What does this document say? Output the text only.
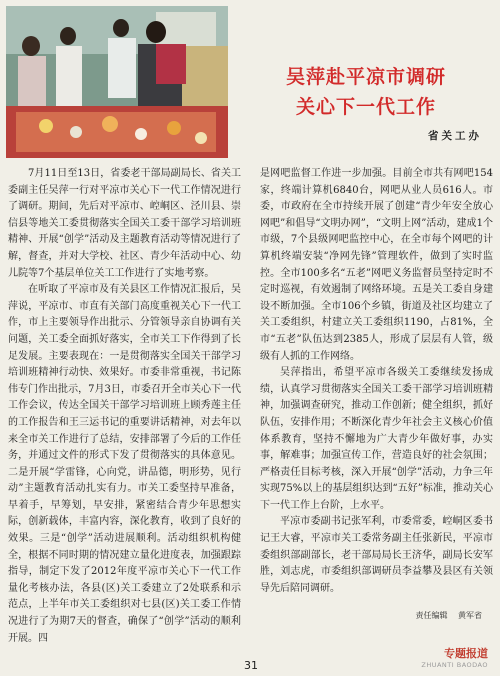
吴萍赴平凉市调研
关心下一代工作
省关工办

7月11日至13日，省委老干部局副局长、省关工委副主任吴萍一行对平凉市关心下一代工作情况进行了调研。期间，先后对平凉市、崆峒区、泾川县、崇信县等地关工委贯彻落实全国关工委干部学习培训班精神、开展“创学”活动及主题教育活动等情况进行了解，督查，并对大学校、社区、青少年活动中心、幼儿院等7个基层单位关工工作进行了实地考察。

在听取了平凉市及有关县区工作情况汇报后，吴萍说，平凉市、市直有关部门高度重视关心下一代工作，市上主要领导作出批示、分管领导亲自协调有关问题，关工委全面抓好落实，全市关工下作得到了长足发展。主要表现在：一是贯彻落实全国关干部学习培训班精神行动快、效果好。市委非常重视，书记陈伟专门作出批示，7月3日，市委召开全市关心下一代工作会议，传达全国关干部学习培训班上顾秀莲主任的工作报告和王三运书记的重要讲话精神，对去年以来全市关工作进行了总结，安排部署了今后的工作任务，并通过文件的形式下发了贯彻落实的具体意见。二是开展“学雷锋，心向党，讲品德，明形势，见行动”主题教育活动扎实有力。市关工委坚持早准备，早着手，早筹划，早安排，紧密结合青少年思想实际，创新载体，丰富内容，深化教育，收到了良好的效果。三是“创学”活动进展顺利。活动组织机构健全，根据不同时期的情况建立量化进度表，加强跟踪指导，制定下发了2012年度平凉市关心下一代工作量化考核办法，各县(区)关工委建立了2处联系和示范点，上半年市关工委组织对七县(区)关工委工作情况进行了为期7天的督查，确保了“创学”活动的顺利开展。四

是网吧监督工作进一步加强。目前全市共有网吧154家，终端计算机6840台，网吧从业人员616人。市委，市政府在全市持续开展了创建“青少年安全放心网吧”和倡导“文明办网”，“文明上网”活动，建成1个市级，7个县级网吧监控中心，在全市每个网吧的计算机终端安装“净网先锋”管理软件，做到了实时监控。全市100多名“五老”网吧义务监督员坚持定时不定时巡视，有效遏制了网络环境。五是关工委自身建设不断加强。全市106个乡镇，街道及社区均建立了关工委组织，村建立关工委组织1190，占81%，全市“五老”队伍达到2385人，形成了层层有人管，级级有人抓的工作网络。

吴萍指出，希望平凉市各级关工委继续发扬成绩，认真学习贯彻落实全国关工委干部学习培训班精神，加强调查研究，推动工作创新；健全组织，抓好队伍，安排作用；不断深化青少年社会主义核心价值体系教育，坚持不懈地为广大青少年做好事，办实事，解难事；加强宣传工作，营造良好的社会氛围；严格责任目标考核，深入开展“创学”活动，力争三年实现75%以上的基层组织达到“五好”标准，推动关心下一代工作上台阶，上水平。

平凉市委副书记张军利，市委常委，崆峒区委书记王大睿，平凉市关工委常务副主任张新民，平凉市委组织部副部长，老干部局局长王济华，副局长安军胜，刘志虎，市委组织部调研员李益攀及县区有关领导先后陪同调研。

责任编辑 黄军省
31
专题报道
ZHUANTI BAODAO
